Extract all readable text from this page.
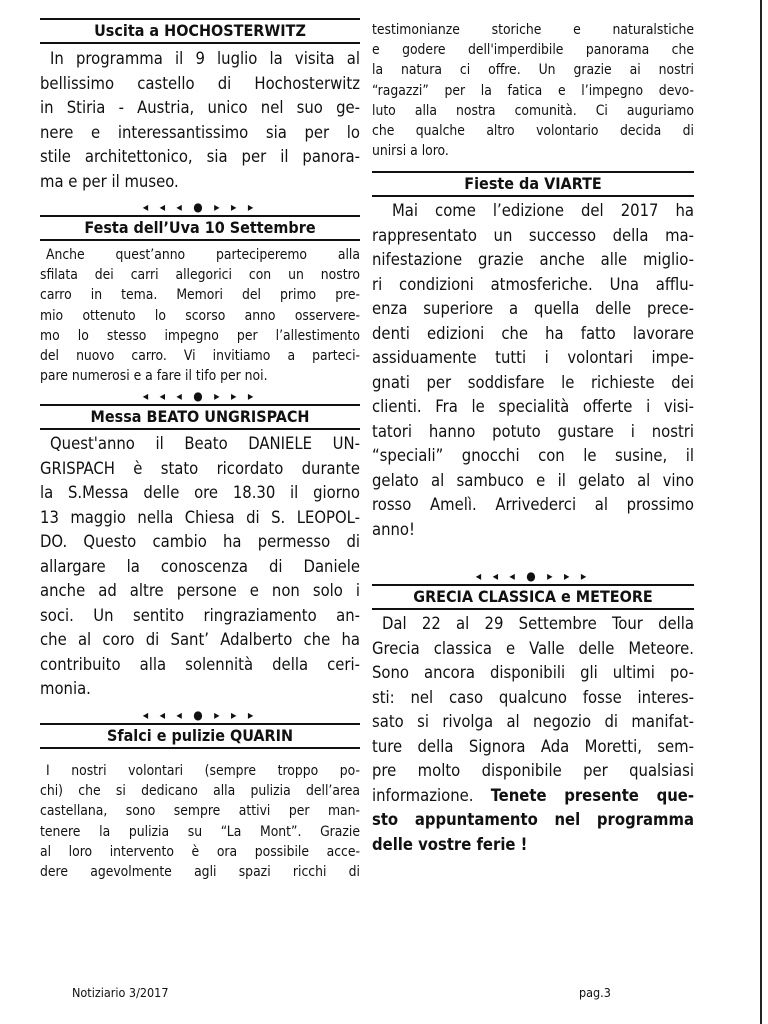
Uscita a HOCHOSTERWITZ
In programma il 9 luglio la visita al
bellissimo castello di Hochosterwitz
in Stiria - Austria, unico nel suo ge-
nere e interessantissimo sia per lo
stile architettonico, sia per il panora-
ma e per il museo.
◂ ◂ ◂ ● ▸ ▸ ▸
Festa dell’Uva 10 Settembre
Anche quest’anno parteciperemo alla
sfilata dei carri allegorici con un nostro
carro in tema. Memori del primo pre-
mio ottenuto lo scorso anno osservere-
mo lo stesso impegno per l’allestimento
del nuovo carro. Vi invitiamo a parteci-
pare numerosi e a fare il tifo per noi.
◂ ◂ ◂ ● ▸ ▸ ▸
Messa BEATO UNGRISPACH
Quest'anno il Beato DANIELE UN-
GRISPACH è stato ricordato durante
la S.Messa delle ore 18.30 il giorno
13 maggio nella Chiesa di S. LEOPOL-
DO. Questo cambio ha permesso di
allargare la conoscenza di Daniele
anche ad altre persone e non solo i
soci. Un sentito ringraziamento an-
che al coro di Sant’ Adalberto che ha
contribuito alla solennità della ceri-
monia.
◂ ◂ ◂ ● ▸ ▸ ▸
Sfalci e pulizie QUARIN
I nostri volontari (sempre troppo po-
chi) che si dedicano alla pulizia dell’area
castellana, sono sempre attivi per man-
tenere la pulizia su “La Mont”. Grazie
al loro intervento è ora possibile acce-
dere agevolmente agli spazi ricchi di
testimonianze storiche e naturalstiche
e godere dell'imperdibile panorama che
la natura ci offre. Un grazie ai nostri
“ragazzi” per la fatica e l’impegno devo-
luto alla nostra comunità. Ci auguriamo
che qualche altro volontario decida di
unirsi a loro.
Fieste da VIARTE
Mai come l’edizione del 2017 ha
rappresentato un successo della ma-
nifestazione grazie anche alle miglio-
ri condizioni atmosferiche. Una afflu-
enza superiore a quella delle prece-
denti edizioni che ha fatto lavorare
assiduamente tutti i volontari impe-
gnati per soddisfare le richieste dei
clienti. Fra le specialità offerte i visi-
tatori hanno potuto gustare i nostri
“speciali” gnocchi con le susine, il
gelato al sambuco e il gelato al vino
rosso Amelì. Arrivederci al prossimo
anno!
◂ ◂ ◂ ● ▸ ▸ ▸
GRECIA CLASSICA e METEORE
Dal 22 al 29 Settembre Tour della
Grecia classica e Valle delle Meteore.
Sono ancora disponibili gli ultimi po-
sti: nel caso qualcuno fosse interes-
sato si rivolga al negozio di manifat-
ture della Signora Ada Moretti, sem-
pre molto disponibile per qualsiasi
informazione. Tenete presente que-
sto appuntamento nel programma
delle vostre ferie !
Notiziario 3/2017	pag.3
